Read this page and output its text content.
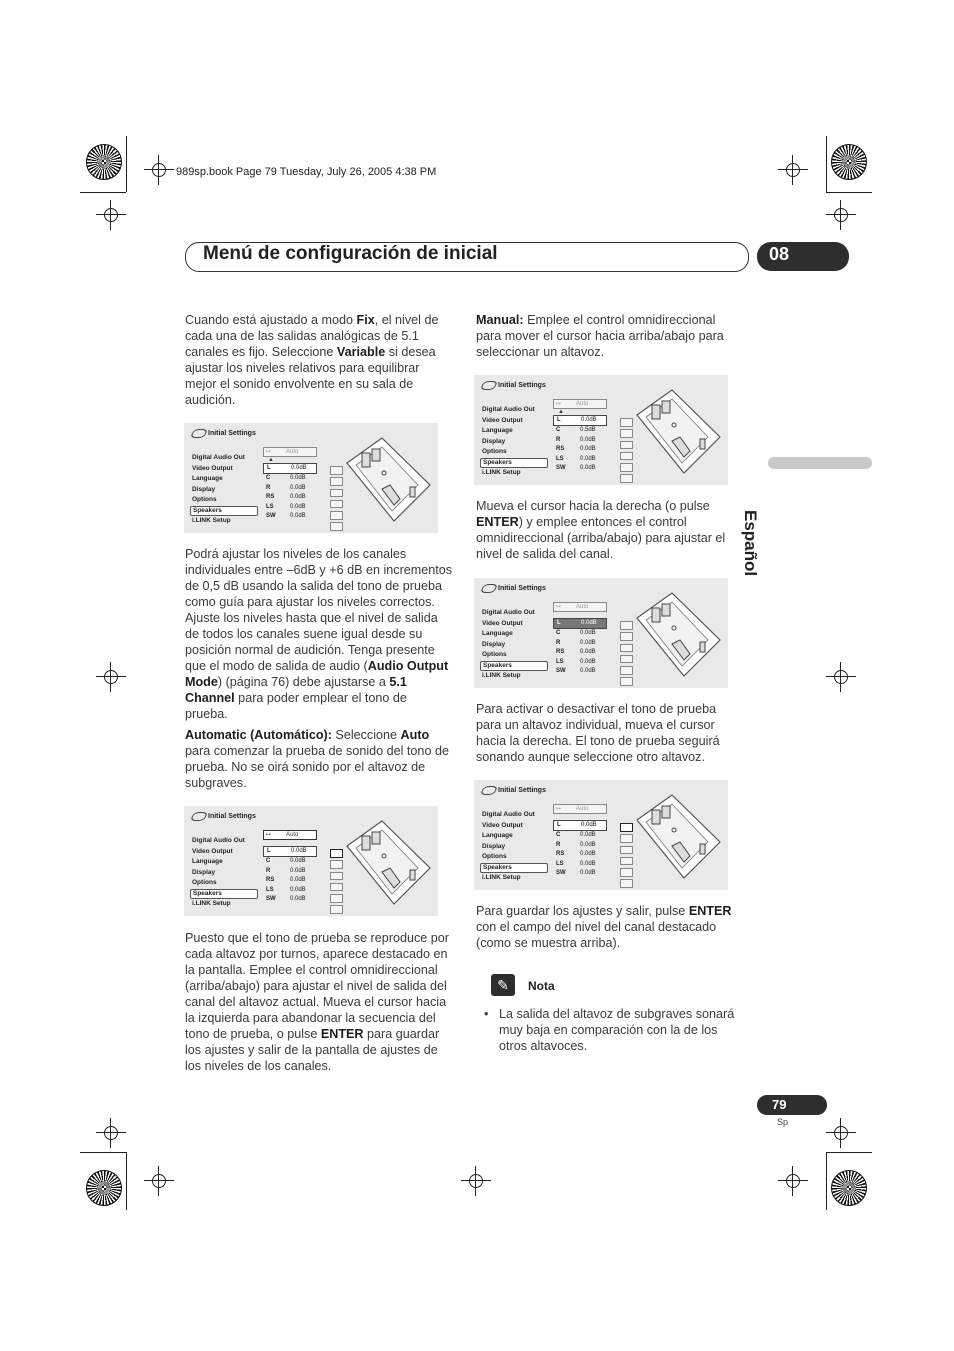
989sp.book Page 79 Tuesday, July 26, 2005 4:38 PM
Menú de configuración de inicial	08
Español

Cuando está ajustado a modo Fix, el nivel de cada una de las salidas analógicas de 5.1 canales es fijo. Seleccione Variable si desea ajustar los niveles relativos para equilibrar mejor el sonido envolvente en su sala de audición.

Initial Settings
Digital Audio Out
Video Output
Language
Display
Options
Speakers
i.LINK Setup
↦ Auto
▲
L	0.0dB
C	0.0dB
R	0.0dB
RS	0.0dB
LS	0.0dB
SW 0.0dB

Podrá ajustar los niveles de los canales individuales entre –6dB y +6 dB en incrementos de 0,5 dB usando la salida del tono de prueba como guía para ajustar los niveles correctos. Ajuste los niveles hasta que el nivel de salida de todos los canales suene igual desde su posición normal de audición. Tenga presente que el modo de salida de audio (Audio Output Mode) (página 76) debe ajustarse a 5.1 Channel para poder emplear el tono de prueba.

Automatic (Automático): Seleccione Auto para comenzar la prueba de sonido del tono de prueba. No se oirá sonido por el altavoz de subgraves.

Initial Settings
Digital Audio Out
Video Output
Language
Display
Options
Speakers
i.LINK Setup
↦ Auto
L	0.0dB
C	0.0dB
R	0.0dB
RS	0.0dB
LS	0.0dB
SW 0.0dB

Puesto que el tono de prueba se reproduce por cada altavoz por turnos, aparece destacado en la pantalla. Emplee el control omnidireccional (arriba/abajo) para ajustar el nivel de salida del canal del altavoz actual. Mueva el cursor hacia la izquierda para abandonar la secuencia del tono de prueba, o pulse ENTER para guardar los ajustes y salir de la pantalla de ajustes de los niveles de los canales.

Manual: Emplee el control omnidireccional para mover el cursor hacia arriba/abajo para seleccionar un altavoz.

Initial Settings
Digital Audio Out
Video Output
Language
Display
Options
Speakers
i.LINK Setup
↦ Auto
▲
L	0.0dB
C	0.5dB
R	0.0dB
RS	0.0dB
LS	0.0dB
SW 0.0dB

Mueva el cursor hacia la derecha (o pulse ENTER) y emplee entonces el control omnidireccional (arriba/abajo) para ajustar el nivel de salida del canal.

Initial Settings
Digital Audio Out
Video Output
Language
Display
Options
Speakers
i.LINK Setup
↦ Auto
L	0.0dB
C	0.0dB
R	0.0dB
RS	0.0dB
LS	0.0dB
SW 0.0dB

Para activar o desactivar el tono de prueba para un altavoz individual, mueva el cursor hacia la derecha. El tono de prueba seguirá sonando aunque seleccione otro altavoz.

Initial Settings
Digital Audio Out
Video Output
Language
Display
Options
Speakers
i.LINK Setup
↦ Auto
L	0.0dB
C	0.0dB
R	0.0dB
RS	0.0dB
LS	0.0dB
SW 0.0dB

Para guardar los ajustes y salir, pulse ENTER con el campo del nivel del canal destacado (como se muestra arriba).

✎	Nota

• La salida del altavoz de subgraves sonará muy baja en comparación con la de los otros altavoces.

79
Sp
